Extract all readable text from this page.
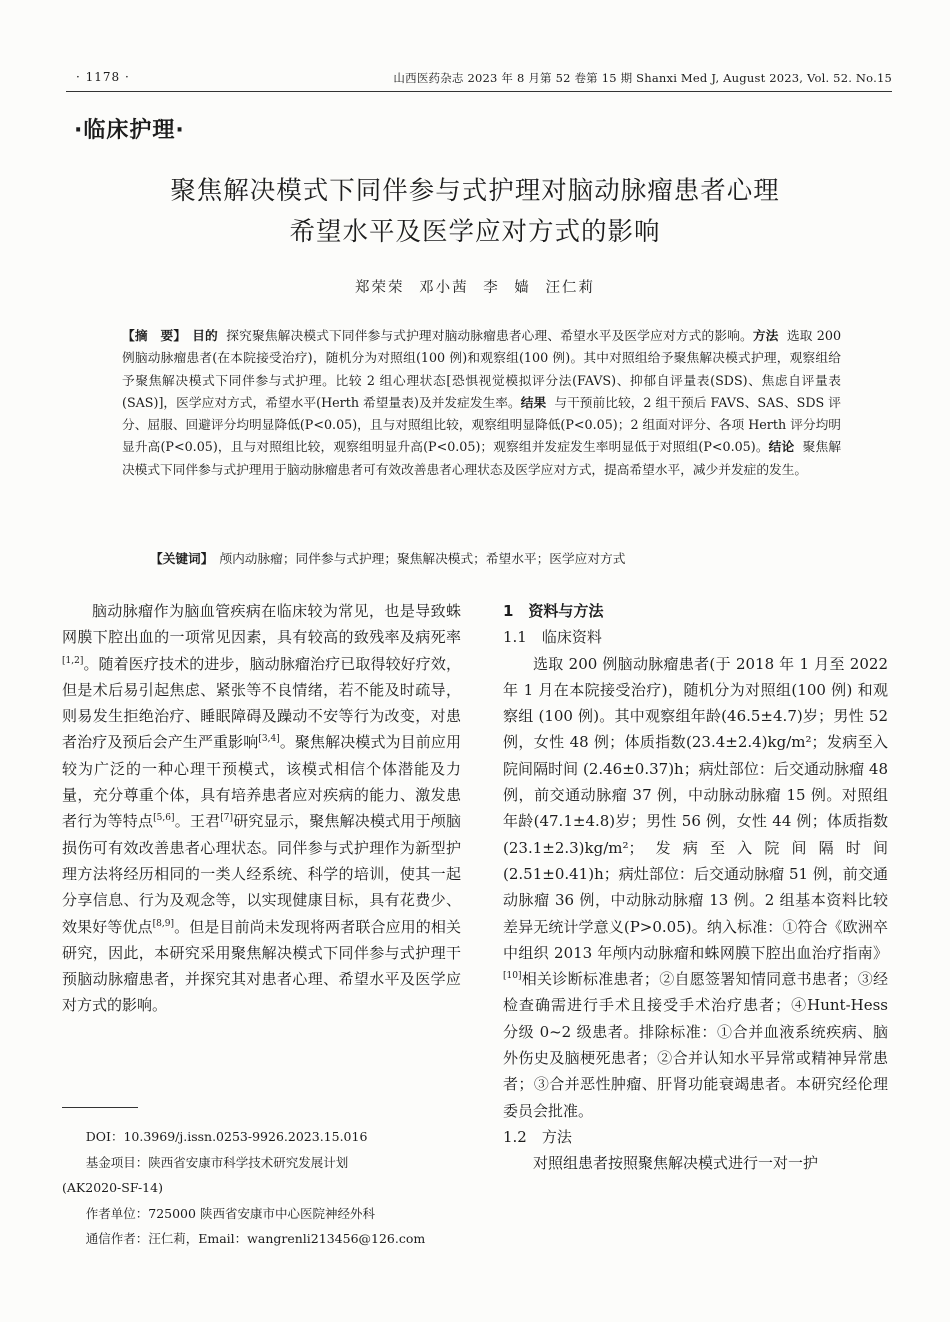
· 1178 ·	山西医药杂志 2023 年 8 月第 52 卷第 15 期 Shanxi Med J, August 2023, Vol. 52. No.15
·临床护理·
聚焦解决模式下同伴参与式护理对脑动脉瘤患者心理
希望水平及医学应对方式的影响
郑荣荣 邓小茜 李 嫱 汪仁莉
【摘　要】 目的 探究聚焦解决模式下同伴参与式护理对脑动脉瘤患者心理、希望水平及医学应对方式的影响。方法 选取 200 例脑动脉瘤患者(在本院接受治疗)，随机分为对照组(100 例)和观察组(100 例)。其中对照组给予聚焦解决模式护理，观察组给予聚焦解决模式下同伴参与式护理。比较 2 组心理状态[恐惧视觉模拟评分法(FAVS)、抑郁自评量表(SDS)、焦虑自评量表(SAS)]，医学应对方式，希望水平(Herth 希望量表)及并发症发生率。结果 与干预前比较，2 组干预后 FAVS、SAS、SDS 评分、屈服、回避评分均明显降低(P<0.05)，且与对照组比较，观察组明显降低(P<0.05)；2 组面对评分、各项 Herth 评分均明显升高(P<0.05)，且与对照组比较，观察组明显升高(P<0.05)；观察组并发症发生率明显低于对照组(P<0.05)。结论 聚焦解决模式下同伴参与式护理用于脑动脉瘤患者可有效改善患者心理状态及医学应对方式，提高希望水平，减少并发症的发生。
【关键词】 颅内动脉瘤；同伴参与式护理；聚焦解决模式；希望水平；医学应对方式

脑动脉瘤作为脑血管疾病在临床较为常见，也是导致蛛网膜下腔出血的一项常见因素，具有较高的致残率及病死率[1,2]。随着医疗技术的进步，脑动脉瘤治疗已取得较好疗效，但是术后易引起焦虑、紧张等不良情绪，若不能及时疏导，则易发生拒绝治疗、睡眠障碍及躁动不安等行为改变，对患者治疗及预后会产生严重影响[3,4]。聚焦解决模式为目前应用较为广泛的一种心理干预模式，该模式相信个体潜能及力量，充分尊重个体，具有培养患者应对疾病的能力、激发患者行为等特点[5,6]。王君[7]研究显示，聚焦解决模式用于颅脑损伤可有效改善患者心理状态。同伴参与式护理作为新型护理方法将经历相同的一类人经系统、科学的培训，使其一起分享信息、行为及观念等，以实现健康目标，具有花费少、效果好等优点[8,9]。但是目前尚未发现将两者联合应用的相关研究，因此，本研究采用聚焦解决模式下同伴参与式护理干预脑动脉瘤患者，并探究其对患者心理、希望水平及医学应对方式的影响。

1　资料与方法
1.1　临床资料

选取 200 例脑动脉瘤患者(于 2018 年 1 月至 2022 年 1 月在本院接受治疗)，随机分为对照组(100 例) 和观察组 (100 例)。其中观察组年龄(46.5±4.7)岁；男性 52 例，女性 48 例；体质指数(23.4±2.4)kg/m²；发病至入院间隔时间 (2.46±0.37)h；病灶部位：后交通动脉瘤 48 例，前交通动脉瘤 37 例，中动脉动脉瘤 15 例。对照组年龄(47.1±4.8)岁；男性 56 例，女性 44 例；体质指数(23.1±2.3)kg/m²；发病至入院间隔时间 (2.51±0.41)h；病灶部位：后交通动脉瘤 51 例，前交通动脉瘤 36 例，中动脉动脉瘤 13 例。2 组基本资料比较差异无统计学意义(P>0.05)。纳入标准：①符合《欧洲卒中组织 2013 年颅内动脉瘤和蛛网膜下腔出血治疗指南》[10]相关诊断标准患者；②自愿签署知情同意书患者；③经检查确需进行手术且接受手术治疗患者；④Hunt-Hess 分级 0~2 级患者。排除标准：①合并血液系统疾病、脑外伤史及脑梗死患者；②合并认知水平异常或精神异常患者；③合并恶性肿瘤、肝肾功能衰竭患者。本研究经伦理委员会批准。

1.2　方法

对照组患者按照聚焦解决模式进行一对一护

DOI：10.3969/j.issn.0253-9926.2023.15.016
基金项目：陕西省安康市科学技术研究发展计划
(AK2020-SF-14)
作者单位：725000 陕西省安康市中心医院神经外科
通信作者：汪仁莉，Email：wangrenli213456@126.com
